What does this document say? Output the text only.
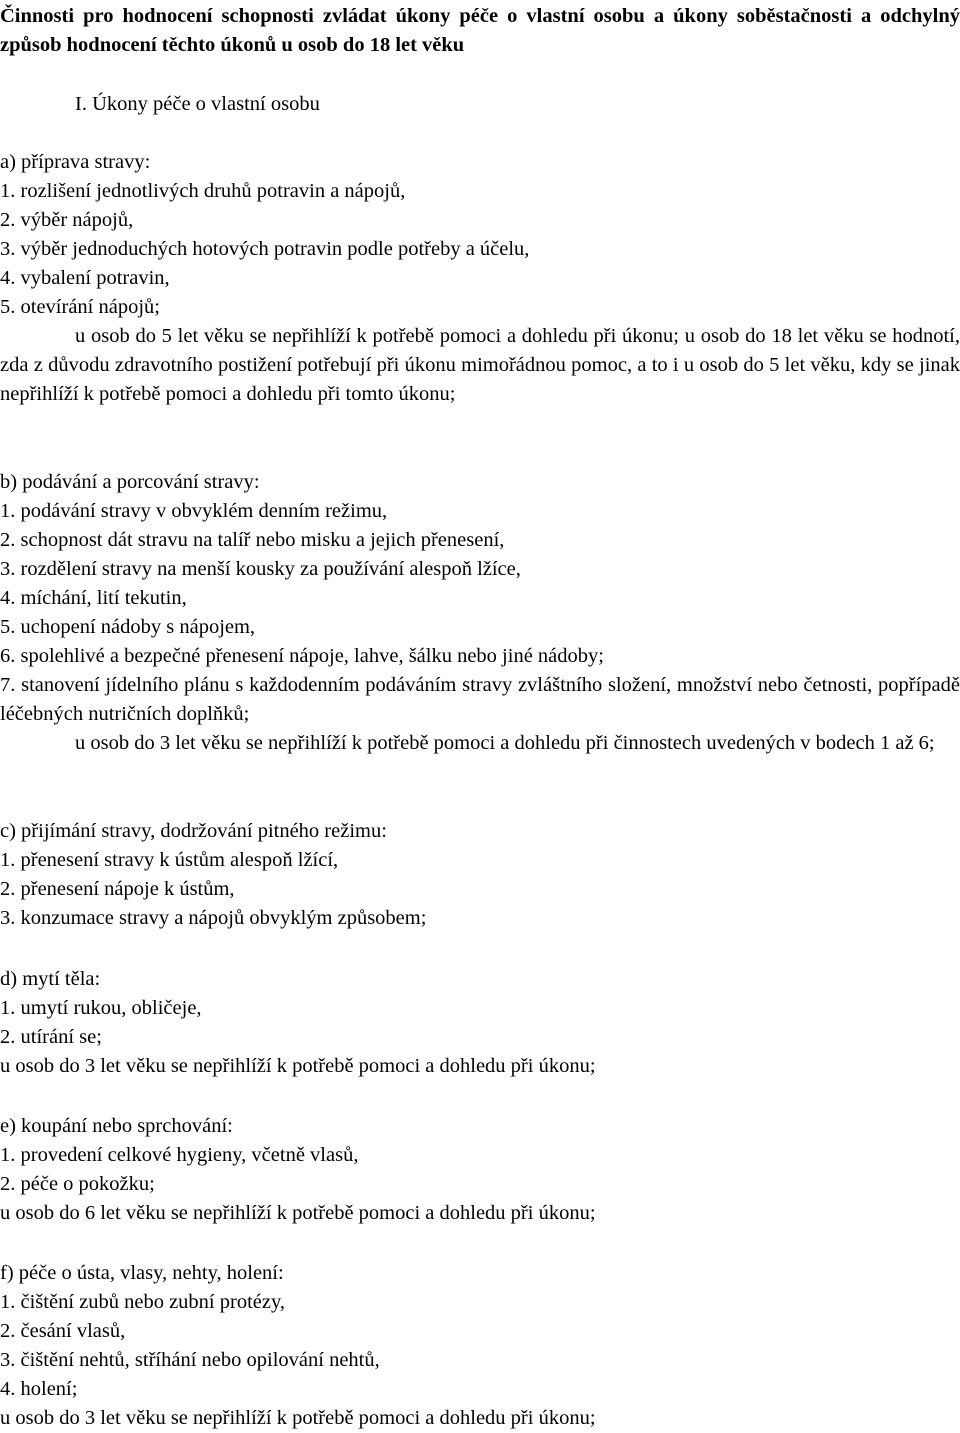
Činnosti pro hodnocení schopnosti zvládat úkony péče o vlastní osobu a úkony soběstačnosti a odchylný způsob hodnocení těchto úkonů u osob do 18 let věku

I. Úkony péče o vlastní osobu

a) příprava stravy:

1. rozlišení jednotlivých druhů potravin a nápojů,

2. výběr nápojů,

3. výběr jednoduchých hotových potravin podle potřeby a účelu,

4. vybalení potravin,

5. otevírání nápojů;

u osob do 5 let věku se nepřihlíží k potřebě pomoci a dohledu při úkonu; u osob do 18 let věku se hodnotí, zda z důvodu zdravotního postižení potřebují při úkonu mimořádnou pomoc, a to i u osob do 5 let věku, kdy se jinak nepřihlíží k potřebě pomoci a dohledu při tomto úkonu;

b) podávání a porcování stravy:

1. podávání stravy v obvyklém denním režimu,

2. schopnost dát stravu na talíř nebo misku a jejich přenesení,

3. rozdělení stravy na menší kousky za používání alespoň lžíce,

4. míchání, lití tekutin,

5. uchopení nádoby s nápojem,

6. spolehlivé a bezpečné přenesení nápoje, lahve, šálku nebo jiné nádoby;

7. stanovení jídelního plánu s každodenním podáváním stravy zvláštního složení, množství nebo četnosti, popřípadě léčebných nutričních doplňků;

u osob do 3 let věku se nepřihlíží k potřebě pomoci a dohledu při činnostech uvedených v bodech 1 až 6;

c) přijímání stravy, dodržování pitného režimu:

1. přenesení stravy k ústům alespoň lžící,

2. přenesení nápoje k ústům,

3. konzumace stravy a nápojů obvyklým způsobem;

d) mytí těla:

1. umytí rukou, obličeje,

2. utírání se;

u osob do 3 let věku se nepřihlíží k potřebě pomoci a dohledu při úkonu;

e) koupání nebo sprchování:

1. provedení celkové hygieny, včetně vlasů,

2. péče o pokožku;

u osob do 6 let věku se nepřihlíží k potřebě pomoci a dohledu při úkonu;

f) péče o ústa, vlasy, nehty, holení:

1. čištění zubů nebo zubní protézy,

2. česání vlasů,

3. čištění nehtů, stříhání nebo opilování nehtů,

4. holení;

u osob do 3 let věku se nepřihlíží k potřebě pomoci a dohledu při úkonu;
